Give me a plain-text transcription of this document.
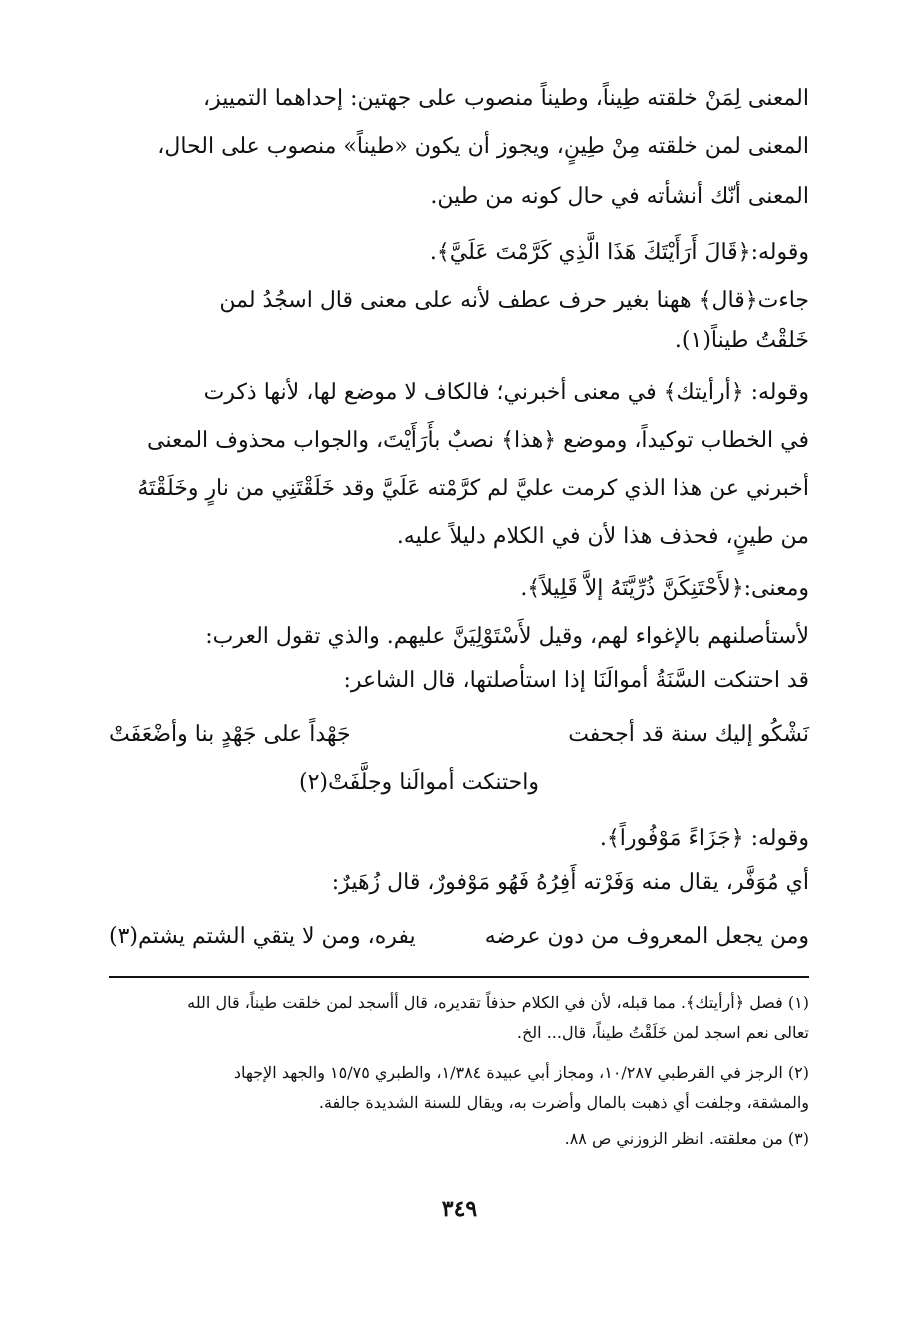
المعنى لِمَنْ خلقته طِيناً، وطيناً منصوب على جهتين: إحداهما التمييز،
المعنى لمن خلقته مِنْ طِينٍ، ويجوز أن يكون «طيناً» منصوب على الحال،
المعنى أنّك أنشأته في حال كونه من طين.
وقوله:﴿قَالَ أَرَأَيْتَكَ هَذَا الَّذِي كَرَّمْتَ عَلَيَّ﴾.
جاءت﴿قال﴾ ههنا بغير حرف عطف لأنه على معنى قال اسجُدُ لمن
خَلقْتُ طيناً(١).
وقوله: ﴿أرأيتك﴾ في معنى أخبرني؛ فالكاف لا موضع لها، لأنها ذكرت
في الخطاب توكيداً، وموضع ﴿هذا﴾ نصبٌ بأَرَأَيْتَ، والجواب محذوف المعنى
أخبرني عن هذا الذي كرمت عليَّ لم كرَّمْته عَلَيَّ وقد خَلَقْتَنِي من نارٍ وخَلَقْتَهُ
من طينٍ، فحذف هذا لأن في الكلام دليلاً عليه.
ومعنى:﴿لأَحْتَنِكَنَّ ذُرِّيَّتَهُ إلاَّ قَلِيلاً﴾.
لأستأصلنهم بالإغواء لهم، وقيل لأَسْتَوْلِيَنَّ عليهم. والذي تقول العرب:
قد احتنكت السَّنَةُ أموالَنَا إذا استأصلتها، قال الشاعر:
نَشْكُو إليك سنة قد أجحفت
جَهْداً على جَهْدٍ بنا وأضْعَفَتْ
واحتنكت أموالَنا وجلَّفَتْ(٢)
وقوله: ﴿جَزَاءً مَوْفُوراً﴾.
أي مُوَفَّر، يقال منه وَفَرْته أَفِرُهُ فَهُو مَوْفورٌ، قال زُهَيرٌ:
ومن يجعل المعروف من دون عرضه
يفره، ومن لا يتقي الشتم يشتم(٣)
(١) فصل ﴿أرأيتك﴾. مما قبله، لأن في الكلام حذفاً تقديره، قال أأسجد لمن خلقت طيناً، قال الله
تعالى نعم اسجد لمن خَلَقْتُ طيناً، قال... الخ.
(٢) الرجز في القرطبي ١٠/٢٨٧، ومجاز أبي عبيدة ١/٣٨٤، والطبري ١٥/٧٥ والجهد الإجهاد
والمشقة، وجلفت أي ذهبت بالمال وأضرت به، ويقال للسنة الشديدة جالفة.
(٣) من معلقته. انظر الزوزني ص ٨٨.
٣٤٩
